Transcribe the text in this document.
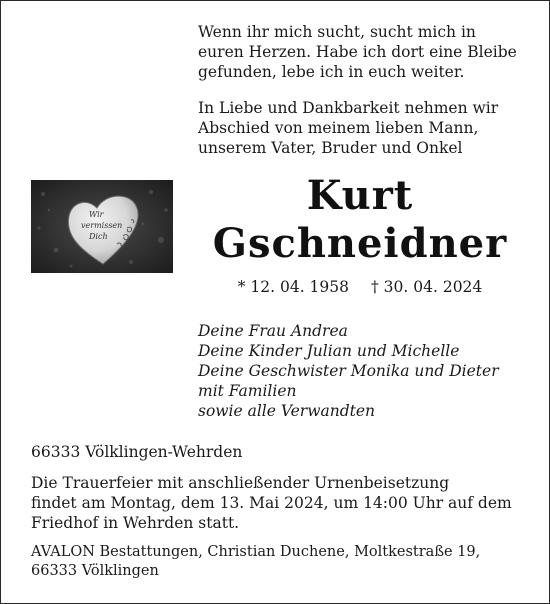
Wenn ihr mich sucht, sucht mich in
euren Herzen. Habe ich dort eine Bleibe
gefunden, lebe ich in euch weiter.
In Liebe und Dankbarkeit nehmen wir
Abschied von meinem lieben Mann,
unserem Vater, Bruder und Onkel
Wir
vermissen
Dich
Kurt
Gschneidner
* 12. 04. 1958 † 30. 04. 2024
Deine Frau Andrea
Deine Kinder Julian und Michelle
Deine Geschwister Monika und Dieter
mit Familien
sowie alle Verwandten
66333 Völklingen-Wehrden
Die Trauerfeier mit anschließender Urnenbeisetzung
findet am Montag, dem 13. Mai 2024, um 14:00 Uhr auf dem
Friedhof in Wehrden statt.
AVALON Bestattungen, Christian Duchene, Moltkestraße 19,
66333 Völklingen
